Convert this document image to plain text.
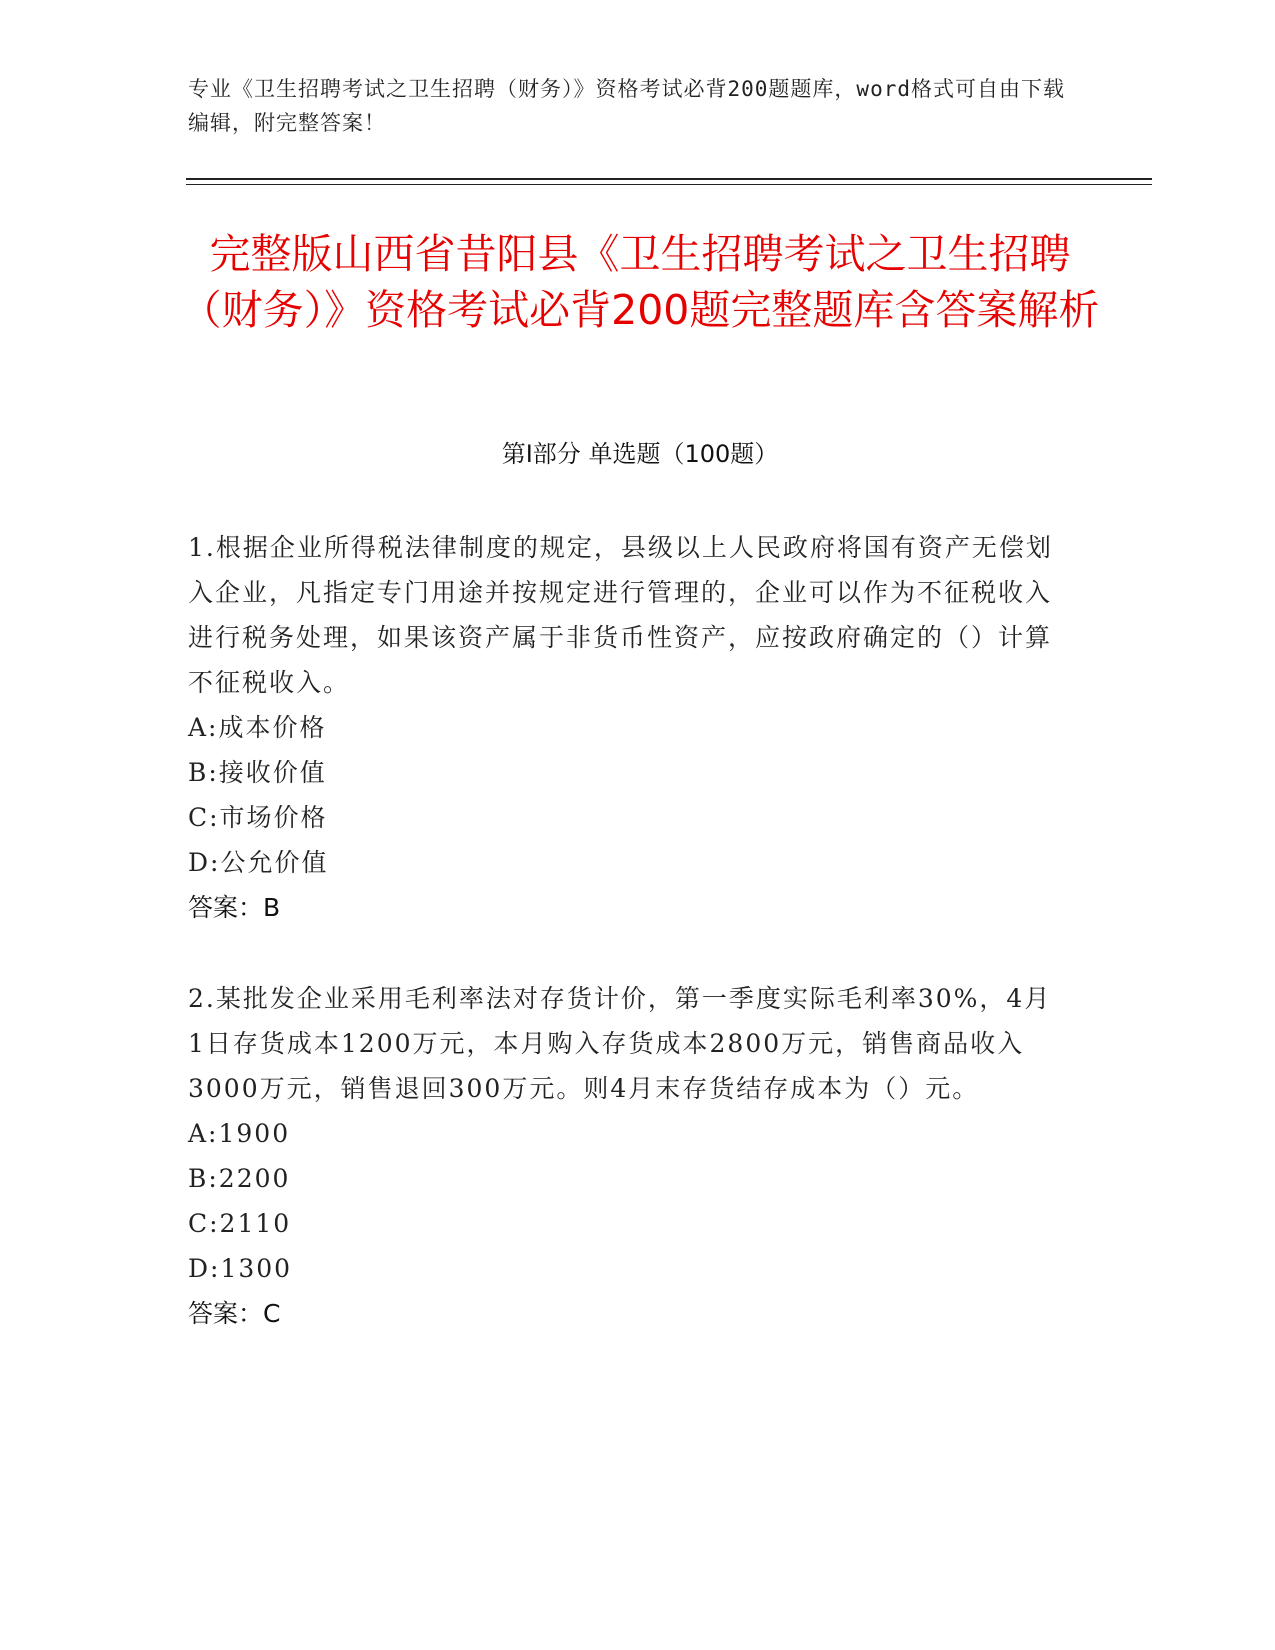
专业《卫生招聘考试之卫生招聘（财务）》资格考试必背200题题库，word格式可自由下载编辑，附完整答案！
完整版山西省昔阳县《卫生招聘考试之卫生招聘（财务）》资格考试必背200题完整题库含答案解析
第Ⅰ部分 单选题（100题）

1.根据企业所得税法律制度的规定，县级以上人民政府将国有资产无偿划入企业，凡指定专门用途并按规定进行管理的，企业可以作为不征税收入进行税务处理，如果该资产属于非货币性资产，应按政府确定的（）计算不征税收入。

A:成本价格

B:接收价值

C:市场价格

D:公允价值

答案：B

2.某批发企业采用毛利率法对存货计价，第一季度实际毛利率30%，4月1日存货成本1200万元，本月购入存货成本2800万元，销售商品收入3000万元，销售退回300万元。则4月末存货结存成本为（）元。

A:1900

B:2200

C:2110

D:1300

答案：C
